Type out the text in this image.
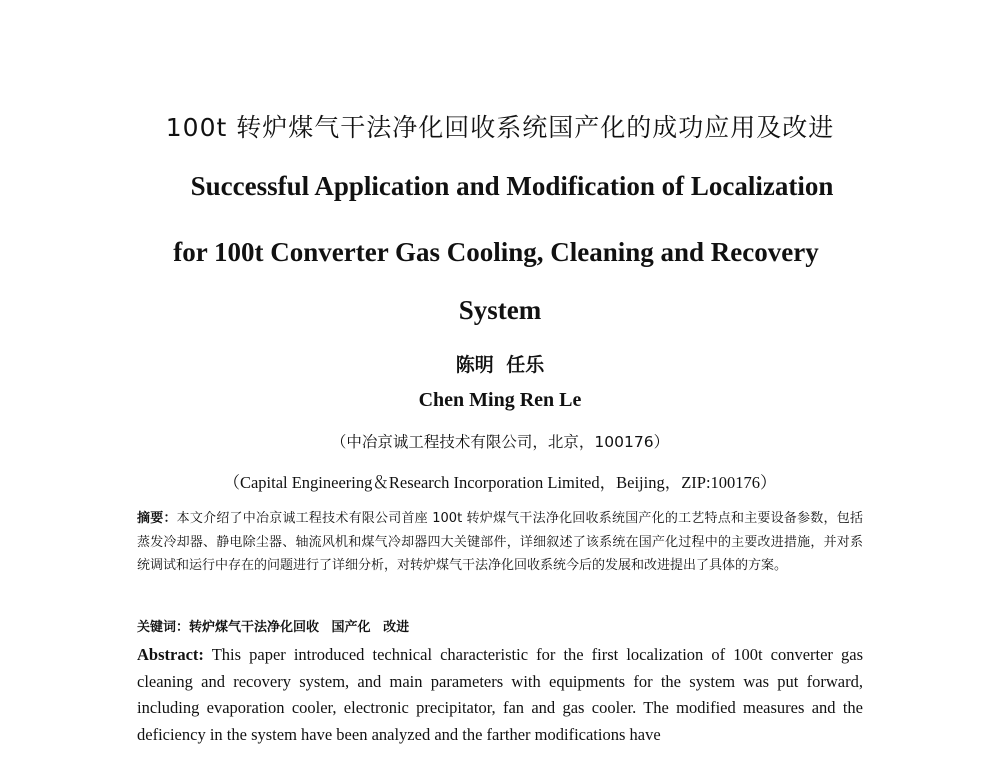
100t 转炉煤气干法净化回收系统国产化的成功应用及改进
Successful Application and Modification of Localization
for 100t Converter Gas Cooling, Cleaning and Recovery
System
陈明 任乐
Chen Ming Ren Le
（中冶京诚工程技术有限公司，北京，100176）
（Capital Engineering＆Research Incorporation Limited，Beijing，ZIP:100176）
摘要：本文介绍了中冶京诚工程技术有限公司首座 100t 转炉煤气干法净化回收系统国产化的工艺特点和主要设备参数，包括蒸发冷却器、静电除尘器、轴流风机和煤气冷却器四大关键部件，详细叙述了该系统在国产化过程中的主要改进措施，并对系统调试和运行中存在的问题进行了详细分析，对转炉煤气干法净化回收系统今后的发展和改进提出了具体的方案。
关键词：转炉煤气干法净化回收 国产化 改进
Abstract: This paper introduced technical characteristic for the first localization of 100t converter gas cleaning and recovery system, and main parameters with equipments for the system was put forward, including evaporation cooler, electronic precipitator, fan and gas cooler. The modified measures and the deficiency in the system have been analyzed and the farther modifications have
